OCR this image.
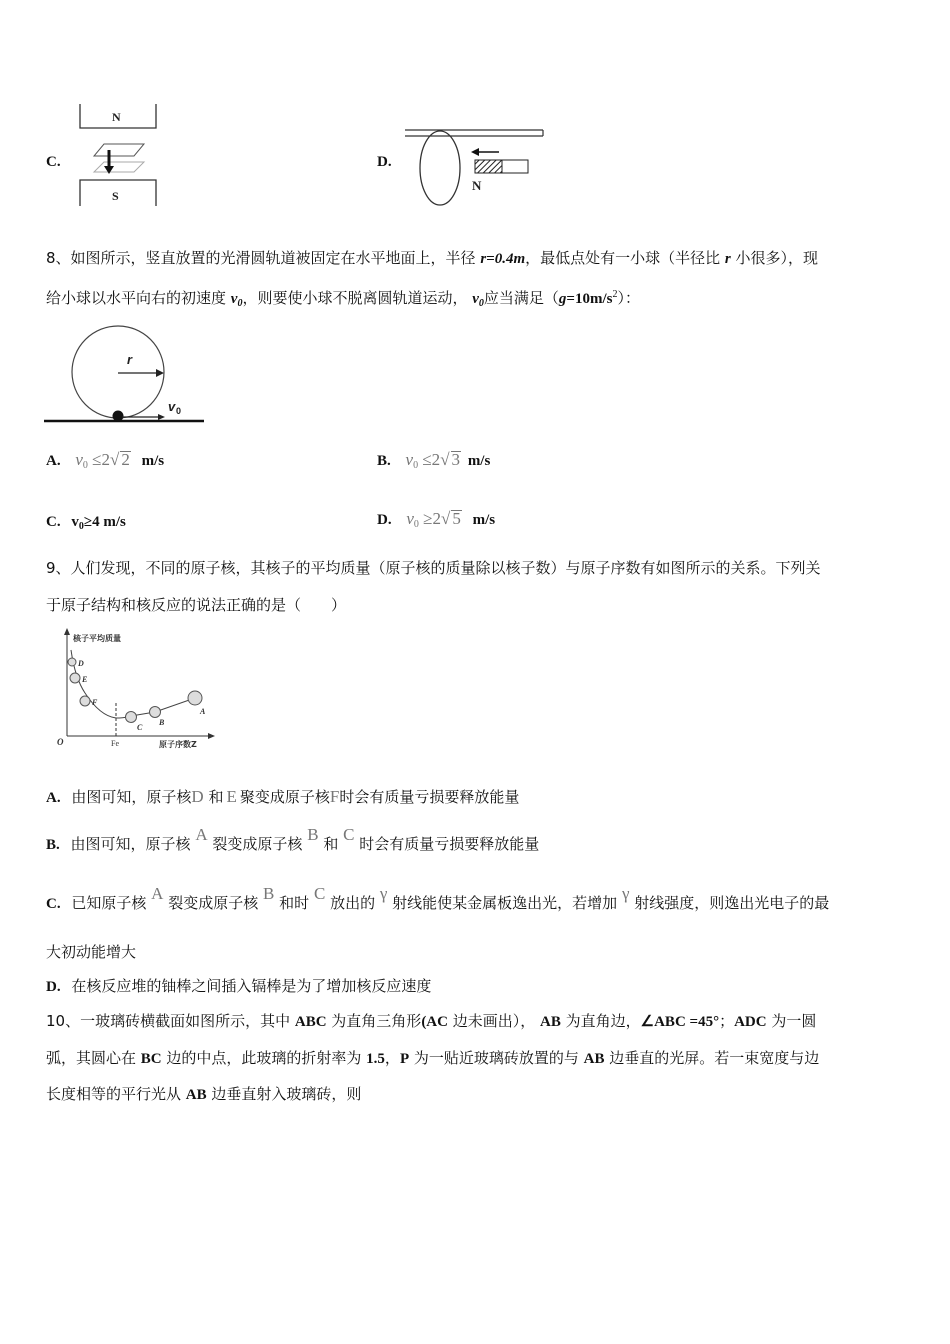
C.
N
S
D.
N
8、如图所示，竖直放置的光滑圆轨道被固定在水平地面上，半径 r=0.4m，最低点处有一小球（半径比 r 小很多），现
给小球以水平向右的初速度 $v_0$，则要使小球不脱离圆轨道运动， $v_0$应当满足$(g=10m/s^2)$：
r
v 0
A. $v_0 \le 2√$ 2 m/s	B. $v_0 \le 2√$ 3 m/s
C. $v_0\ge 4$ m/s	D. $v_0 \ge 2√$ 5 m/s
9、人们发现，不同的原子核，其核子的平均质量（原子核的质量除以核子数）与原子序数有如图所示的关系。下列关
于原子结构和核反应的说法正确的是（　　）
核子平均质量
O	Fe	原子序数Z
D
E
F
C
B
A
A. 由图可知，原子核D 和 E 聚变成原子核F时会有质量亏损要释放能量
B. 由图可知，原子核 A 裂变成原子核 B 和 C 时会有质量亏损要释放能量
C. 已知原子核 A 裂变成原子核 B 和时 C 放出的 γ 射线能使某金属板逸出光，若增加 γ 射线强度，则逸出光电子的最
大初动能增大
D. 在核反应堆的铀棒之间插入镉棒是为了增加核反应速度
10、一玻璃砖横截面如图所示，其中 ABC 为直角三角形(AC 边未画出）， AB 为直角边，∠ABC =45°；ADC 为一圆
弧，其圆心在 BC 边的中点，此玻璃的折射率为 1.5，P 为一贴近玻璃砖放置的与 AB 边垂直的光屏。若一束宽度与边
长度相等的平行光从 AB 边垂直射入玻璃砖，则
